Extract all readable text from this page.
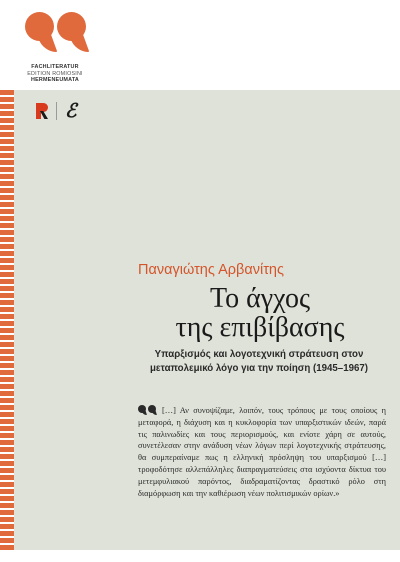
FACHLITERATUR
EDITION ROMIOSINI
HERMENEUMATA
ℰ
Παναγιώτης Αρβανίτης
Το άγχος
της επιβίβασης
Υπαρξισμός και λογοτεχνική στράτευση στον
μεταπολεμικό λόγο για την ποίηση (1945–1967)
[…] Αν συνοψίζαμε, λοιπόν, τους τρόπους με τους οποίους η μεταφορά, η διάχυση και η κυκλοφορία των υπαρξιστικών ιδεών, παρά τις παλινωδίες και τους περιορισμούς, και ενίοτε χάρη σε αυτούς, συνετέλεσαν στην ανάδυση νέων λόγων περί λογοτεχνικής στράτευσης, θα συμπεραίναμε πως η ελληνική πρόσληψη του υπαρξισμού […] τροφοδότησε αλλεπάλληλες διαπραγματεύσεις στα ισχύοντα δίκτυα του μετεμφυλιακού παρόντος, διαδραματίζοντας δραστικό ρόλο στη διαμόρφωση και την καθιέρωση νέων πολιτισμικών ορίων.»
